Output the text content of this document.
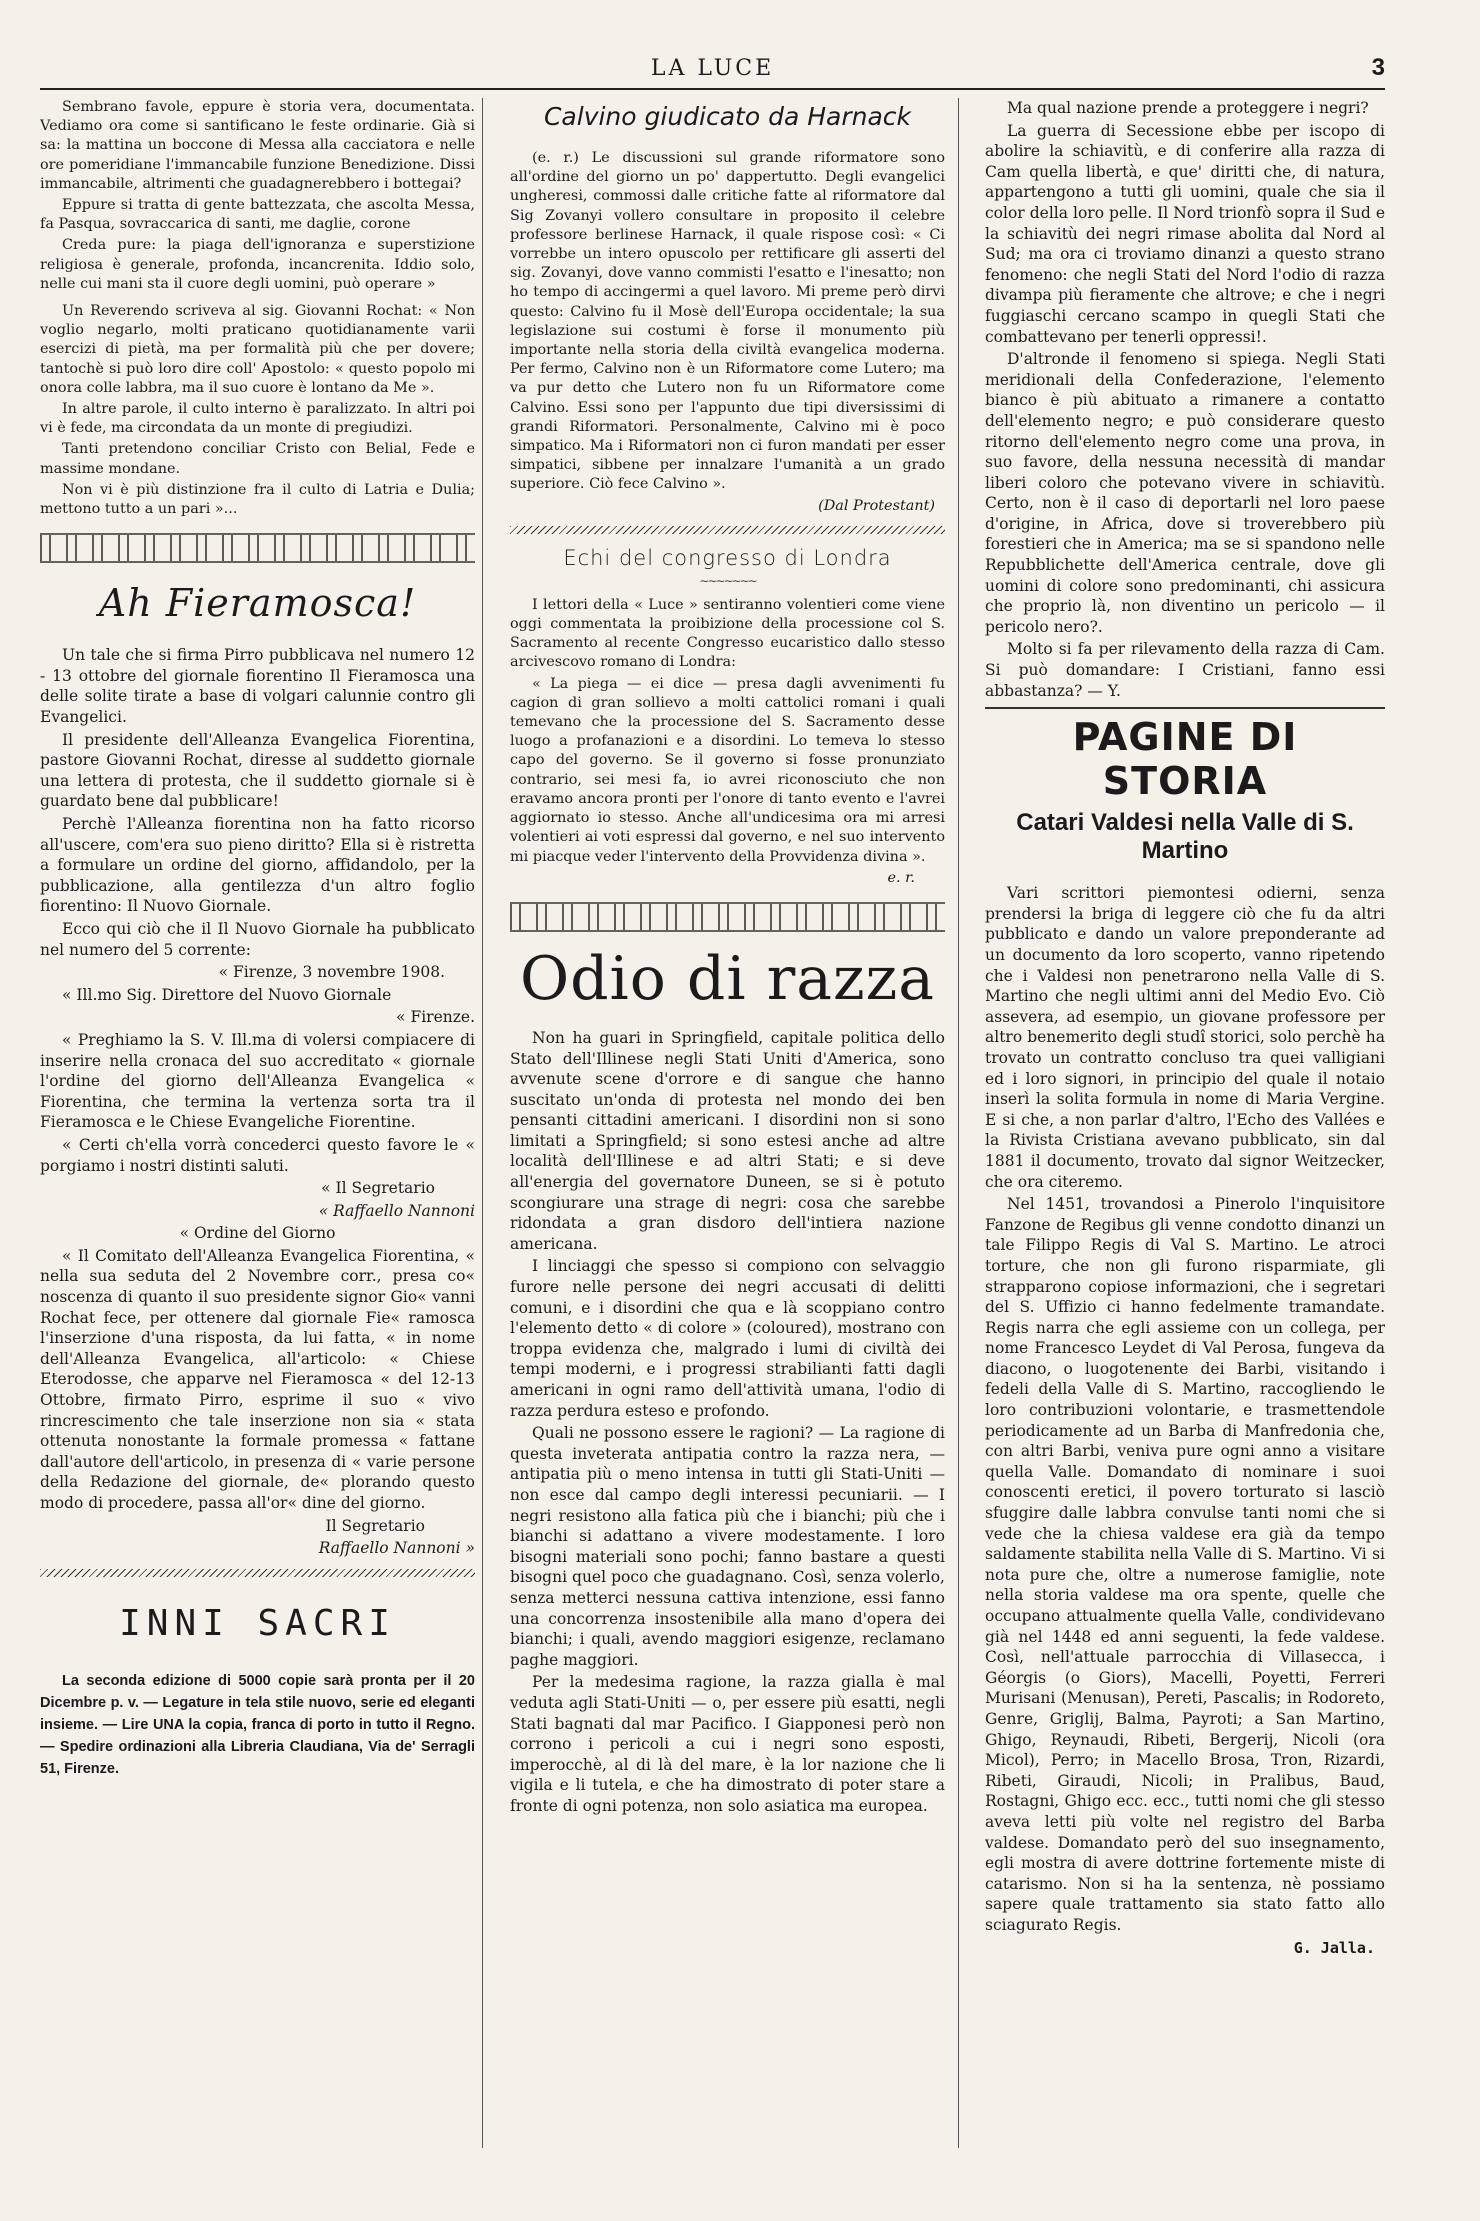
LA LUCE	3

Sembrano favole, eppure è storia vera, documentata. Vediamo ora come si santificano le feste ordinarie. Già si sa: la mattina un boccone di Messa alla cacciatora e nelle ore pomeridiane l'immancabile funzione Benedizione. Dissi immancabile, altrimenti che guadagnerebbero i bottegai?

Eppure si tratta di gente battezzata, che ascolta Messa, fa Pasqua, sovraccarica di santi, me daglie, corone

Creda pure: la piaga dell'ignoranza e superstizione religiosa è generale, profonda, incancrenita. Iddio solo, nelle cui mani sta il cuore degli uomini, può operare »

Un Reverendo scriveva al sig. Giovanni Rochat: « Non voglio negarlo, molti praticano quotidianamente varii esercizi di pietà, ma per formalità più che per dovere; tantochè si può loro dire coll' Apostolo: « questo popolo mi onora colle labbra, ma il suo cuore è lontano da Me ».

In altre parole, il culto interno è paralizzato. In altri poi vi è fede, ma circondata da un monte di pregiudizi.

Tanti pretendono conciliar Cristo con Belial, Fede e massime mondane.

Non vi è più distinzione fra il culto di Latria e Dulia; mettono tutto a un pari »...

Ah Fieramosca!

Un tale che si firma Pirro pubblicava nel numero 12 - 13 ottobre del giornale fiorentino Il Fieramosca una delle solite tirate a base di volgari calunnie contro gli Evangelici.

Il presidente dell'Alleanza Evangelica Fiorentina, pastore Giovanni Rochat, diresse al suddetto giornale una lettera di protesta, che il suddetto giornale si è guardato bene dal pubblicare!

Perchè l'Alleanza fiorentina non ha fatto ricorso all'uscere, com'era suo pieno diritto? Ella si è ristretta a formulare un ordine del giorno, affidandolo, per la pubblicazione, alla gentilezza d'un altro foglio fiorentino: Il Nuovo Giornale.

Ecco qui ciò che il Il Nuovo Giornale ha pubblicato nel numero del 5 corrente:

« Firenze, 3 novembre 1908.

« Ill.mo Sig. Direttore del Nuovo Giornale

« Firenze.

« Preghiamo la S. V. Ill.ma di volersi compiacere di inserire nella cronaca del suo accreditato « giornale l'ordine del giorno dell'Alleanza Evangelica « Fiorentina, che termina la vertenza sorta tra il Fieramosca e le Chiese Evangeliche Fiorentine.

« Certi ch'ella vorrà concederci questo favore le « porgiamo i nostri distinti saluti.

« Il Segretario

« Raffaello Nannoni

« Ordine del Giorno

« Il Comitato dell'Alleanza Evangelica Fiorentina, « nella sua seduta del 2 Novembre corr., presa co« noscenza di quanto il suo presidente signor Gio« vanni Rochat fece, per ottenere dal giornale Fie« ramosca l'inserzione d'una risposta, da lui fatta, « in nome dell'Alleanza Evangelica, all'articolo: « Chiese Eterodosse, che apparve nel Fieramosca « del 12-13 Ottobre, firmato Pirro, esprime il suo « vivo rincrescimento che tale inserzione non sia « stata ottenuta nonostante la formale promessa « fattane dall'autore dell'articolo, in presenza di « varie persone della Redazione del giornale, de« plorando questo modo di procedere, passa all'or« dine del giorno.

Il Segretario

Raffaello Nannoni »

INNI SACRI

La seconda edizione di 5000 copie sarà pronta per il 20 Dicembre p. v. — Legature in tela stile nuovo, serie ed eleganti insieme. — Lire UNA la copia, franca di porto in tutto il Regno. — Spedire ordinazioni alla Libreria Claudiana, Via de' Serragli 51, Firenze.

Calvino giudicato da Harnack

(e. r.) Le discussioni sul grande riformatore sono all'ordine del giorno un po' dappertutto. Degli evangelici ungheresi, commossi dalle critiche fatte al riformatore dal Sig Zovanyi vollero consultare in proposito il celebre professore berlinese Harnack, il quale rispose così: « Ci vorrebbe un intero opuscolo per rettificare gli asserti del sig. Zovanyi, dove vanno commisti l'esatto e l'inesatto; non ho tempo di accingermi a quel lavoro. Mi preme però dirvi questo: Calvino fu il Mosè dell'Europa occidentale; la sua legislazione sui costumi è forse il monumento più importante nella storia della civiltà evangelica moderna. Per fermo, Calvino non è un Riformatore come Lutero; ma va pur detto che Lutero non fu un Riformatore come Calvino. Essi sono per l'appunto due tipi diversissimi di grandi Riformatori. Personalmente, Calvino mi è poco simpatico. Ma i Riformatori non ci furon mandati per esser simpatici, sibbene per innalzare l'umanità a un grado superiore. Ciò fece Calvino ».

(Dal Protestant)

Echi del congresso di Londra
∼∼∼∼∼∼∼

I lettori della « Luce » sentiranno volentieri come viene oggi commentata la proibizione della processione col S. Sacramento al recente Congresso eucaristico dallo stesso arcivescovo romano di Londra:

« La piega — ei dice — presa dagli avvenimenti fu cagion di gran sollievo a molti cattolici romani i quali temevano che la processione del S. Sacramento desse luogo a profanazioni e a disordini. Lo temeva lo stesso capo del governo. Se il governo si fosse pronunziato contrario, sei mesi fa, io avrei riconosciuto che non eravamo ancora pronti per l'onore di tanto evento e l'avrei aggiornato io stesso. Anche all'undicesima ora mi arresi volentieri ai voti espressi dal governo, e nel suo intervento mi piacque veder l'intervento della Provvidenza divina ».

e. r.

Odio di razza

Non ha guari in Springfield, capitale politica dello Stato dell'Illinese negli Stati Uniti d'America, sono avvenute scene d'orrore e di sangue che hanno suscitato un'onda di protesta nel mondo dei ben pensanti cittadini americani. I disordini non si sono limitati a Springfield; si sono estesi anche ad altre località dell'Illinese e ad altri Stati; e si deve all'energia del governatore Duneen, se si è potuto scongiurare una strage di negri: cosa che sarebbe ridondata a gran disdoro dell'intiera nazione americana.

I linciaggi che spesso si compiono con selvaggio furore nelle persone dei negri accusati di delitti comuni, e i disordini che qua e là scoppiano contro l'elemento detto « di colore » (coloured), mostrano con troppa evidenza che, malgrado i lumi di civiltà dei tempi moderni, e i progressi strabilianti fatti dagli americani in ogni ramo dell'attività umana, l'odio di razza perdura esteso e profondo.

Quali ne possono essere le ragioni? — La ragione di questa inveterata antipatia contro la razza nera, — antipatia più o meno intensa in tutti gli Stati-Uniti — non esce dal campo degli interessi pecuniarii. — I negri resistono alla fatica più che i bianchi; più che i bianchi si adattano a vivere modestamente. I loro bisogni materiali sono pochi; fanno bastare a questi bisogni quel poco che guadagnano. Così, senza volerlo, senza metterci nessuna cattiva intenzione, essi fanno una concorrenza insostenibile alla mano d'opera dei bianchi; i quali, avendo maggiori esigenze, reclamano paghe maggiori.

Per la medesima ragione, la razza gialla è mal veduta agli Stati-Uniti — o, per essere più esatti, negli Stati bagnati dal mar Pacifico. I Giapponesi però non corrono i pericoli a cui i negri sono esposti, imperocchè, al di là del mare, è la lor nazione che li vigila e li tutela, e che ha dimostrato di poter stare a fronte di ogni potenza, non solo asiatica ma europea.

Ma qual nazione prende a proteggere i negri?

La guerra di Secessione ebbe per iscopo di abolire la schiavitù, e di conferire alla razza di Cam quella libertà, e que' diritti che, di natura, appartengono a tutti gli uomini, quale che sia il color della loro pelle. Il Nord trionfò sopra il Sud e la schiavitù dei negri rimase abolita dal Nord al Sud; ma ora ci troviamo dinanzi a questo strano fenomeno: che negli Stati del Nord l'odio di razza divampa più fieramente che altrove; e che i negri fuggiaschi cercano scampo in quegli Stati che combattevano per tenerli oppressi!.

D'altronde il fenomeno si spiega. Negli Stati meridionali della Confederazione, l'elemento bianco è più abituato a rimanere a contatto dell'elemento negro; e può considerare questo ritorno dell'elemento negro come una prova, in suo favore, della nessuna necessità di mandar liberi coloro che potevano vivere in schiavitù. Certo, non è il caso di deportarli nel loro paese d'origine, in Africa, dove si troverebbero più forestieri che in America; ma se si spandono nelle Repubblichette dell'America centrale, dove gli uomini di colore sono predominanti, chi assicura che proprio là, non diventino un pericolo — il pericolo nero?.

Molto si fa per rilevamento della razza di Cam. Si può domandare: I Cristiani, fanno essi abbastanza? — Y.

PAGINE DI STORIA
Catari Valdesi nella Valle di S. Martino

Vari scrittori piemontesi odierni, senza prendersi la briga di leggere ciò che fu da altri pubblicato e dando un valore preponderante ad un documento da loro scoperto, vanno ripetendo che i Valdesi non penetrarono nella Valle di S. Martino che negli ultimi anni del Medio Evo. Ciò assevera, ad esempio, un giovane professore per altro benemerito degli studî storici, solo perchè ha trovato un contratto concluso tra quei valligiani ed i loro signori, in principio del quale il notaio inserì la solita formula in nome di Maria Vergine. E si che, a non parlar d'altro, l'Echo des Vallées e la Rivista Cristiana avevano pubblicato, sin dal 1881 il documento, trovato dal signor Weitzecker, che ora citeremo.

Nel 1451, trovandosi a Pinerolo l'inquisitore Fanzone de Regibus gli venne condotto dinanzi un tale Filippo Regis di Val S. Martino. Le atroci torture, che non gli furono risparmiate, gli strapparono copiose informazioni, che i segretari del S. Uffizio ci hanno fedelmente tramandate. Regis narra che egli assieme con un collega, per nome Francesco Leydet di Val Perosa, fungeva da diacono, o luogotenente dei Barbi, visitando i fedeli della Valle di S. Martino, raccogliendo le loro contribuzioni volontarie, e trasmettendole periodicamente ad un Barba di Manfredonia che, con altri Barbi, veniva pure ogni anno a visitare quella Valle. Domandato di nominare i suoi conoscenti eretici, il povero torturato si lasciò sfuggire dalle labbra convulse tanti nomi che si vede che la chiesa valdese era già da tempo saldamente stabilita nella Valle di S. Martino. Vi si nota pure che, oltre a numerose famiglie, note nella storia valdese ma ora spente, quelle che occupano attualmente quella Valle, condividevano già nel 1448 ed anni seguenti, la fede valdese. Così, nell'attuale parrocchia di Villasecca, i Géorgis (o Giors), Macelli, Poyetti, Ferreri Murisani (Menusan), Pereti, Pascalis; in Rodoreto, Genre, Griglij, Balma, Payroti; a San Martino, Ghigo, Reynaudi, Ribeti, Bergerij, Nicoli (ora Micol), Perro; in Macello Brosa, Tron, Rizardi, Ribeti, Giraudi, Nicoli; in Pralibus, Baud, Rostagni, Ghigo ecc. ecc., tutti nomi che gli stesso aveva letti più volte nel registro del Barba valdese. Domandato però del suo insegnamento, egli mostra di avere dottrine fortemente miste di catarismo. Non si ha la sentenza, nè possiamo sapere quale trattamento sia stato fatto allo sciagurato Regis.

G. Jalla.
